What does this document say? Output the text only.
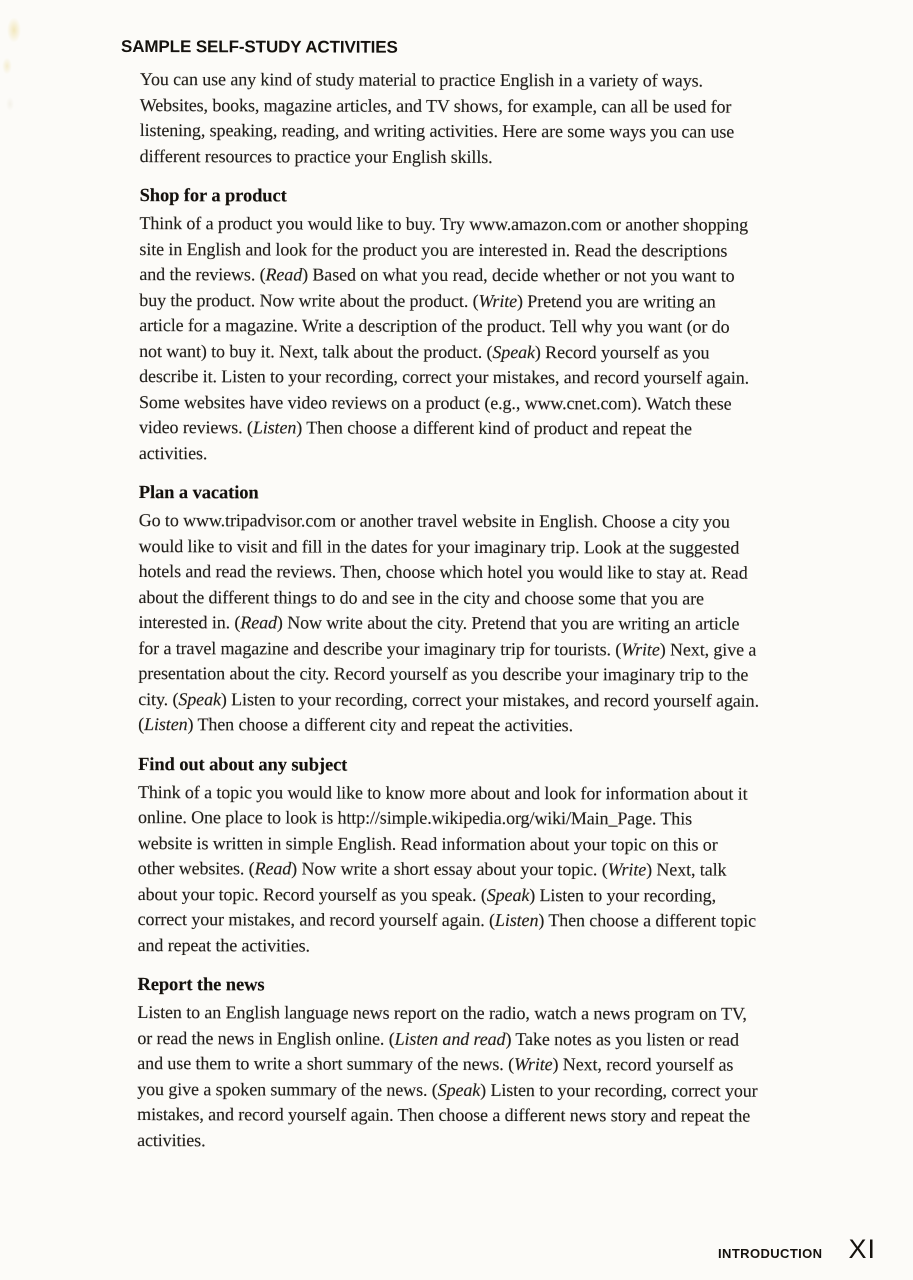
SAMPLE SELF-STUDY ACTIVITIES

You can use any kind of study material to practice English in a variety of ways.
Websites, books, magazine articles, and TV shows, for example, can all be used for
listening, speaking, reading, and writing activities. Here are some ways you can use
different resources to practice your English skills.

Shop for a product

Think of a product you would like to buy. Try www.amazon.com or another shopping
site in English and look for the product you are interested in. Read the descriptions
and the reviews. (Read) Based on what you read, decide whether or not you want to
buy the product. Now write about the product. (Write) Pretend you are writing an
article for a magazine. Write a description of the product. Tell why you want (or do
not want) to buy it. Next, talk about the product. (Speak) Record yourself as you
describe it. Listen to your recording, correct your mistakes, and record yourself again.
Some websites have video reviews on a product (e.g., www.cnet.com). Watch these
video reviews. (Listen) Then choose a different kind of product and repeat the
activities.

Plan a vacation

Go to www.tripadvisor.com or another travel website in English. Choose a city you
would like to visit and fill in the dates for your imaginary trip. Look at the suggested
hotels and read the reviews. Then, choose which hotel you would like to stay at. Read
about the different things to do and see in the city and choose some that you are
interested in. (Read) Now write about the city. Pretend that you are writing an article
for a travel magazine and describe your imaginary trip for tourists. (Write) Next, give a
presentation about the city. Record yourself as you describe your imaginary trip to the
city. (Speak) Listen to your recording, correct your mistakes, and record yourself again.
(Listen) Then choose a different city and repeat the activities.

Find out about any subject

Think of a topic you would like to know more about and look for information about it
online. One place to look is http://simple.wikipedia.org/wiki/Main_Page. This
website is written in simple English. Read information about your topic on this or
other websites. (Read) Now write a short essay about your topic. (Write) Next, talk
about your topic. Record yourself as you speak. (Speak) Listen to your recording,
correct your mistakes, and record yourself again. (Listen) Then choose a different topic
and repeat the activities.

Report the news

Listen to an English language news report on the radio, watch a news program on TV,
or read the news in English online. (Listen and read) Take notes as you listen or read
and use them to write a short summary of the news. (Write) Next, record yourself as
you give a spoken summary of the news. (Speak) Listen to your recording, correct your
mistakes, and record yourself again. Then choose a different news story and repeat the
activities.

INTRODUCTION XI
